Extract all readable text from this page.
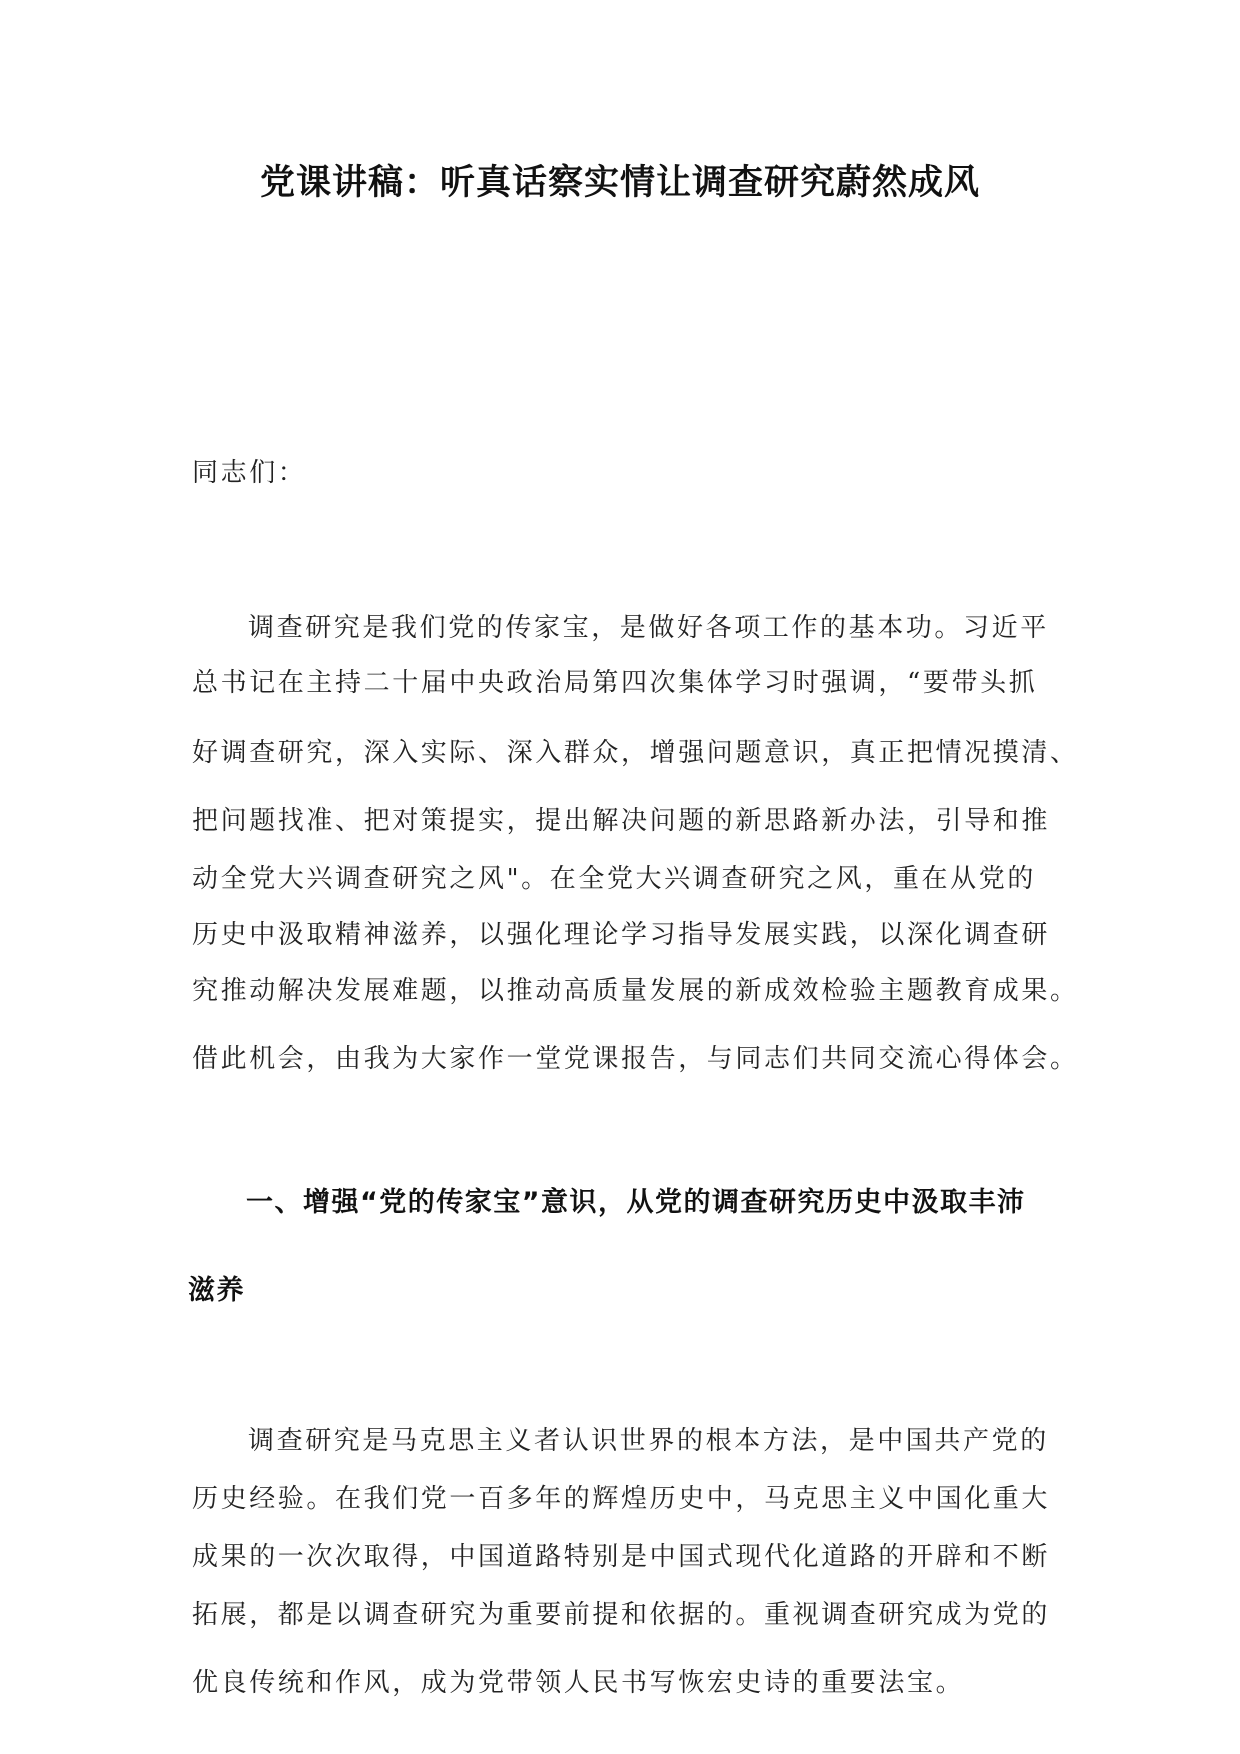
党课讲稿：听真话察实情让调查研究蔚然成风
同志们：
调查研究是我们党的传家宝，是做好各项工作的基本功。习近平
总书记在主持二十届中央政治局第四次集体学习时强调，“要带头抓
好调查研究，深入实际、深入群众，增强问题意识，真正把情况摸清、
把问题找准、把对策提实，提出解决问题的新思路新办法，引导和推
动全党大兴调查研究之风"。在全党大兴调查研究之风，重在从党的
历史中汲取精神滋养，以强化理论学习指导发展实践，以深化调查研
究推动解决发展难题，以推动高质量发展的新成效检验主题教育成果。
借此机会，由我为大家作一堂党课报告，与同志们共同交流心得体会。
一、增强“党的传家宝”意识，从党的调查研究历史中汲取丰沛
滋养
调查研究是马克思主义者认识世界的根本方法，是中国共产党的
历史经验。在我们党一百多年的辉煌历史中，马克思主义中国化重大
成果的一次次取得，中国道路特别是中国式现代化道路的开辟和不断
拓展，都是以调查研究为重要前提和依据的。重视调查研究成为党的
优良传统和作风，成为党带领人民书写恢宏史诗的重要法宝。
